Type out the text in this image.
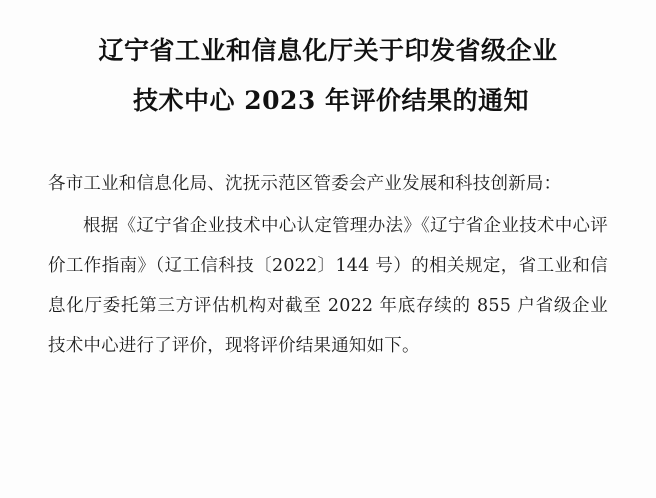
辽宁省工业和信息化厅关于印发省级企业
技术中心 2023 年评价结果的通知

各市工业和信息化局、沈抚示范区管委会产业发展和科技创新局：

根据《辽宁省企业技术中心认定管理办法》《辽宁省企业技术中心评价工作指南》（辽工信科技〔2022〕144 号）的相关规定，省工业和信息化厅委托第三方评估机构对截至 2022 年底存续的 855 户省级企业技术中心进行了评价，现将评价结果通知如下。
